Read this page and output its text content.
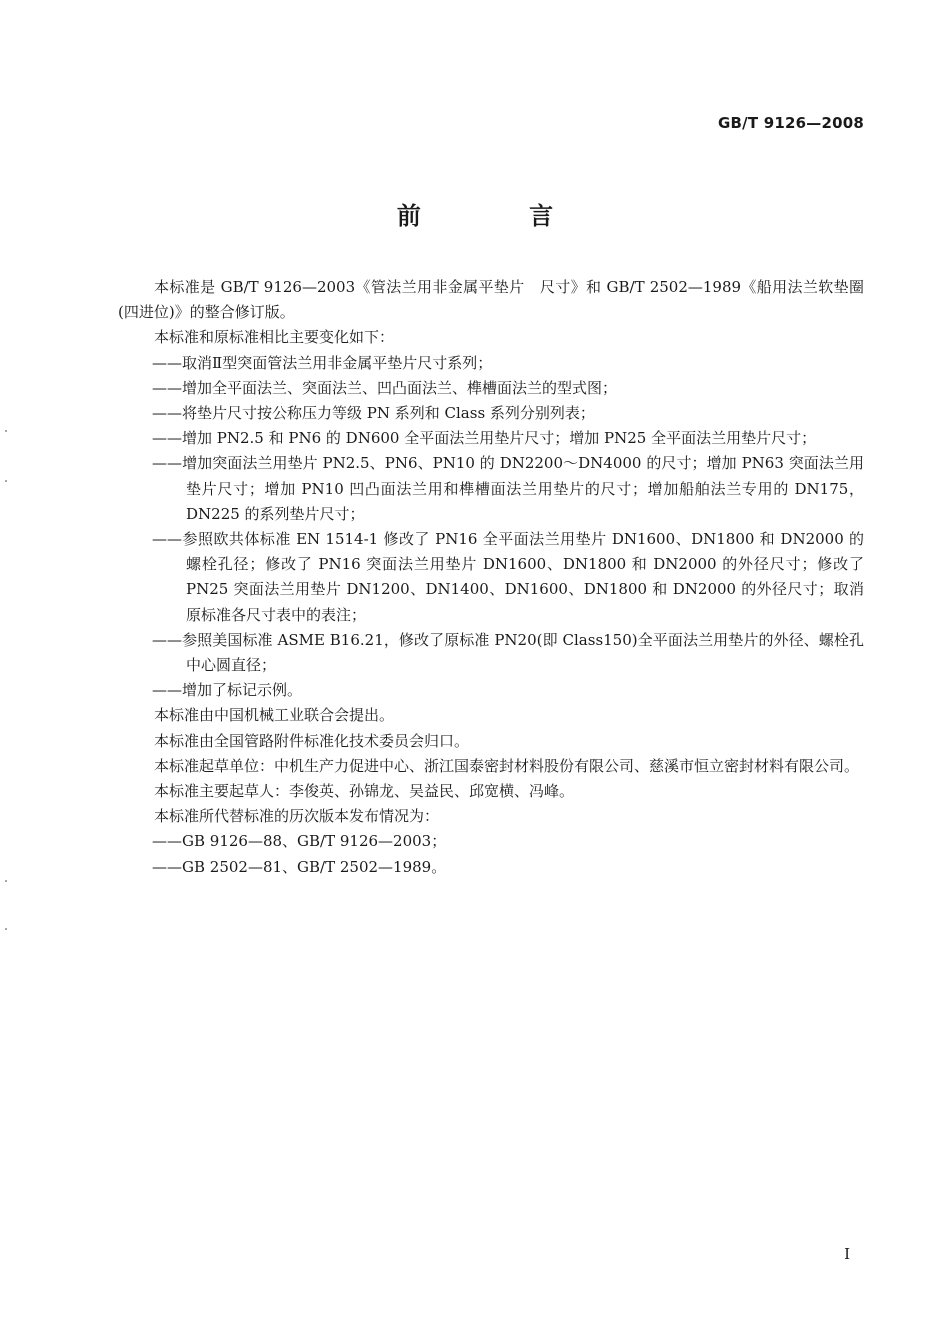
GB/T 9126—2008
前 言

本标准是 GB/T 9126—2003《管法兰用非金属平垫片　尺寸》和 GB/T 2502—1989《船用法兰软垫圈(四进位)》的整合修订版。

本标准和原标准相比主要变化如下：

——取消Ⅱ型突面管法兰用非金属平垫片尺寸系列；

——增加全平面法兰、突面法兰、凹凸面法兰、榫槽面法兰的型式图；

——将垫片尺寸按公称压力等级 PN 系列和 Class 系列分别列表；

——增加 PN2.5 和 PN6 的 DN600 全平面法兰用垫片尺寸；增加 PN25 全平面法兰用垫片尺寸；

——增加突面法兰用垫片 PN2.5、PN6、PN10 的 DN2200～DN4000 的尺寸；增加 PN63 突面法兰用垫片尺寸；增加 PN10 凹凸面法兰用和榫槽面法兰用垫片的尺寸；增加船舶法兰专用的 DN175，DN225 的系列垫片尺寸；

——参照欧共体标准 EN 1514-1 修改了 PN16 全平面法兰用垫片 DN1600、DN1800 和 DN2000 的螺栓孔径；修改了 PN16 突面法兰用垫片 DN1600、DN1800 和 DN2000 的外径尺寸；修改了 PN25 突面法兰用垫片 DN1200、DN1400、DN1600、DN1800 和 DN2000 的外径尺寸；取消原标准各尺寸表中的表注；

——参照美国标准 ASME B16.21，修改了原标准 PN20(即 Class150)全平面法兰用垫片的外径、螺栓孔中心圆直径；

——增加了标记示例。

本标准由中国机械工业联合会提出。

本标准由全国管路附件标准化技术委员会归口。

本标准起草单位：中机生产力促进中心、浙江国泰密封材料股份有限公司、慈溪市恒立密封材料有限公司。

本标准主要起草人：李俊英、孙锦龙、吴益民、邱宽横、冯峰。

本标准所代替标准的历次版本发布情况为：

——GB 9126—88、GB/T 9126—2003；

——GB 2502—81、GB/T 2502—1989。

I
